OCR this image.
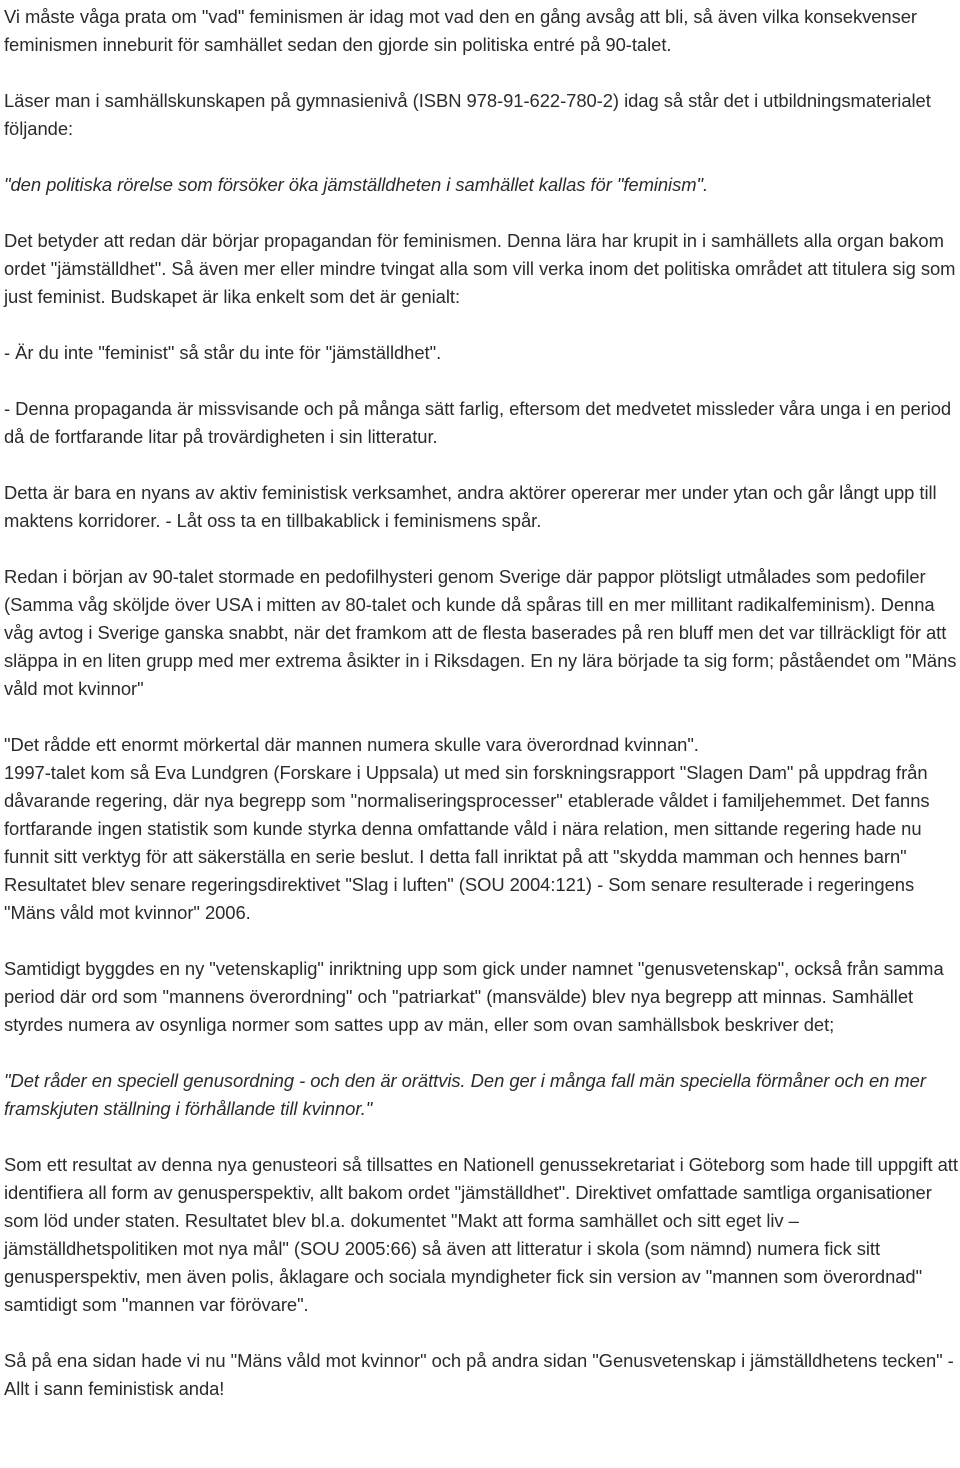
Vi måste våga prata om "vad" feminismen är idag mot vad den en gång avsåg att bli, så även vilka konsekvenser feminismen inneburit för samhället sedan den gjorde sin politiska entré på 90-talet.

Läser man i samhällskunskapen på gymnasienivå (ISBN 978-91-622-780-2) idag så står det i utbildningsmaterialet följande:

"den politiska rörelse som försöker öka jämställdheten i samhället kallas för "feminism".

Det betyder att redan där börjar propagandan för feminismen. Denna lära har krupit in i samhällets alla organ bakom ordet "jämställdhet". Så även mer eller mindre tvingat alla som vill verka inom det politiska området att titulera sig som just feminist. Budskapet är lika enkelt som det är genialt:

- Är du inte "feminist" så står du inte för "jämställdhet".

- Denna propaganda är missvisande och på många sätt farlig, eftersom det medvetet missleder våra unga i en period då de fortfarande litar på trovärdigheten i sin litteratur.

Detta är bara en nyans av aktiv feministisk verksamhet, andra aktörer opererar mer under ytan och går långt upp till maktens korridorer. - Låt oss ta en tillbakablick i feminismens spår.

Redan i början av 90-talet stormade en pedofilhysteri genom Sverige där pappor plötsligt utmålades som pedofiler (Samma våg sköljde över USA i mitten av 80-talet och kunde då spåras till en mer millitant radikalfeminism). Denna våg avtog i Sverige ganska snabbt, när det framkom att de flesta baserades på ren bluff men det var tillräckligt för att släppa in en liten grupp med mer extrema åsikter in i Riksdagen. En ny lära började ta sig form; påståendet om "Mäns våld mot kvinnor"

"Det rådde ett enormt mörkertal där mannen numera skulle vara överordnad kvinnan".

1997-talet kom så Eva Lundgren (Forskare i Uppsala) ut med sin forskningsrapport "Slagen Dam" på uppdrag från dåvarande regering, där nya begrepp som "normaliseringsprocesser" etablerade våldet i familjehemmet. Det fanns fortfarande ingen statistik som kunde styrka denna omfattande våld i nära relation, men sittande regering hade nu funnit sitt verktyg för att säkerställa en serie beslut. I detta fall inriktat på att "skydda mamman och hennes barn" Resultatet blev senare regeringsdirektivet "Slag i luften" (SOU 2004:121) - Som senare resulterade i regeringens "Mäns våld mot kvinnor" 2006.

Samtidigt byggdes en ny "vetenskaplig" inriktning upp som gick under namnet "genusvetenskap", också från samma period där ord som "mannens överordning" och "patriarkat" (mansvälde) blev nya begrepp att minnas. Samhället styrdes numera av osynliga normer som sattes upp av män, eller som ovan samhällsbok beskriver det;

"Det råder en speciell genusordning - och den är orättvis. Den ger i många fall män speciella förmåner och en mer framskjuten ställning i förhållande till kvinnor."

Som ett resultat av denna nya genusteori så tillsattes en Nationell genussekretariat i Göteborg som hade till uppgift att identifiera all form av genusperspektiv, allt bakom ordet "jämställdhet". Direktivet omfattade samtliga organisationer som löd under staten. Resultatet blev bl.a. dokumentet "Makt att forma samhället och sitt eget liv – jämställdhetspolitiken mot nya mål" (SOU 2005:66) så även att litteratur i skola (som nämnd) numera fick sitt genusperspektiv, men även polis, åklagare och sociala myndigheter fick sin version av "mannen som överordnad" samtidigt som "mannen var förövare".

Så på ena sidan hade vi nu "Mäns våld mot kvinnor" och på andra sidan "Genusvetenskap i jämställdhetens tecken" - Allt i sann feministisk anda!
